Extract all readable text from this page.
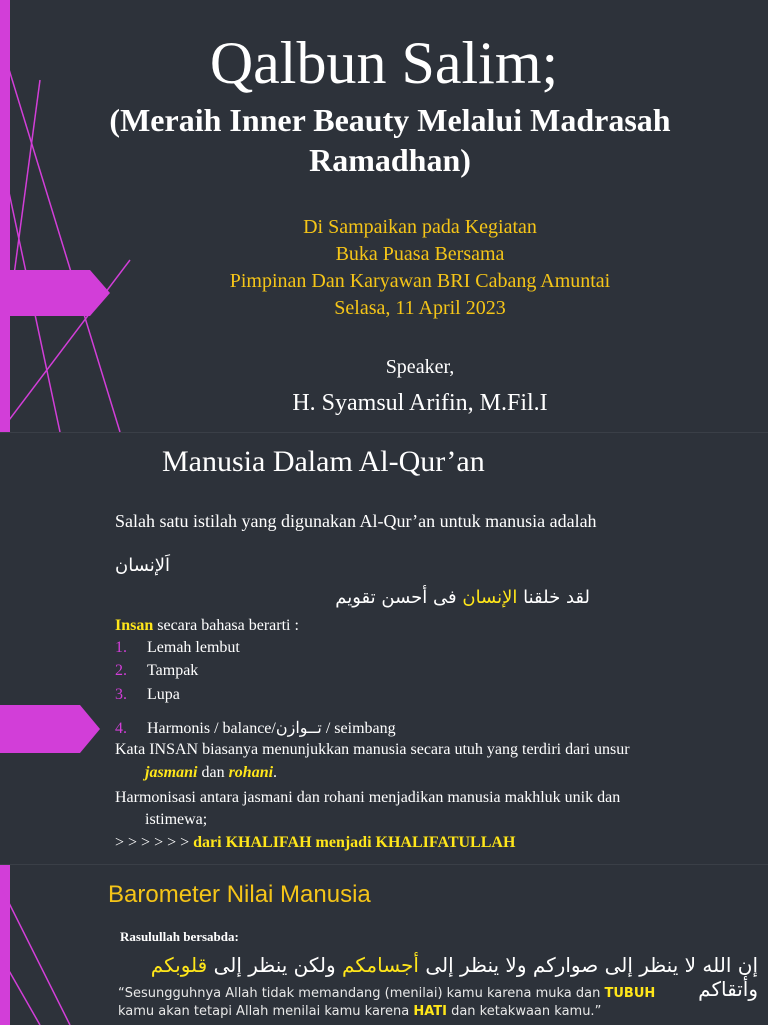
Qalbun Salim;
(Meraih Inner Beauty Melalui Madrasah
Ramadhan)
Di Sampaikan pada Kegiatan
Buka Puasa Bersama
Pimpinan Dan Karyawan BRI Cabang Amuntai
Selasa, 11 April 2023
Speaker,
H. Syamsul Arifin, M.Fil.I
Manusia Dalam Al-Qur’an
Salah satu istilah yang digunakan Al-Qur’an untuk manusia adalah
اَلإنسان
لقد خلقنا الإنسان فى أحسن تقويم
Insan secara bahasa berarti :
1. Lemah lembut
2. Tampak
3. Lupa
4. Harmonis / balance/تــوازن / seimbang
Kata INSAN biasanya menunjukkan manusia secara utuh yang terdiri dari unsur
jasmani dan rohani.
Harmonisasi antara jasmani dan rohani menjadikan manusia makhluk unik dan
istimewa;
> > > > > > dari KHALIFAH menjadi KHALIFATULLAH
Barometer Nilai Manusia
Rasulullah bersabda:
إن الله لا ينظر إلى صواركم ولا ينظر إلى أجسامكم ولكن ينظر إلى قلوبكم وأتقاكم
“Sesungguhnya Allah tidak memandang (menilai) kamu karena muka dan TUBUH
kamu akan tetapi Allah menilai kamu karena HATI dan ketakwaan kamu.”
